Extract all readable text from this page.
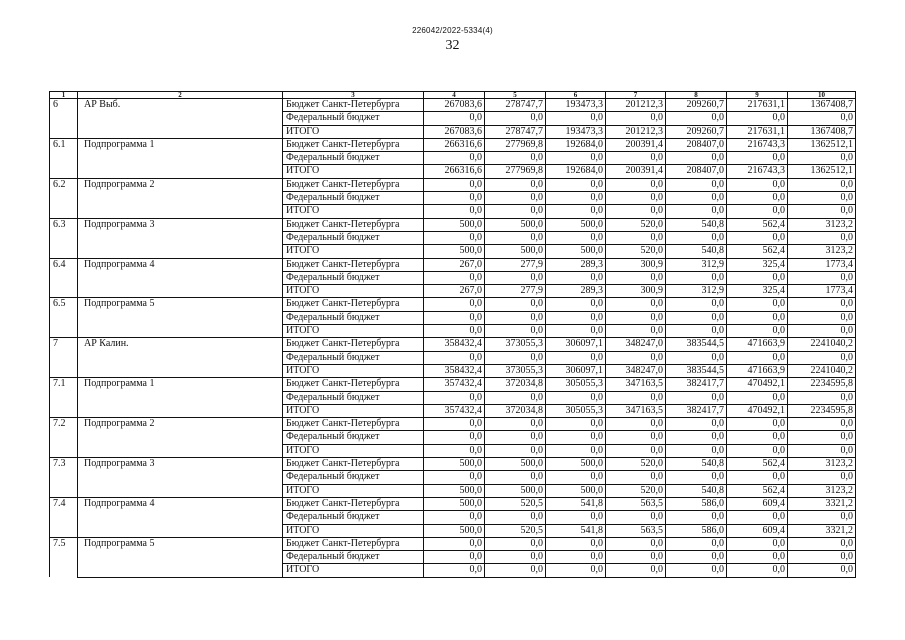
226042/2022-5334(4)
32
1	2	3	4	5	6	7	8	9	10
6	АР Выб.	Бюджет Санкт-Петербурга	267083,6	278747,7	193473,3	201212,3	209260,7	217631,1	1367408,7
		Федеральный бюджет	0,0	0,0	0,0	0,0	0,0	0,0	0,0
		ИТОГО	267083,6	278747,7	193473,3	201212,3	209260,7	217631,1	1367408,7
6.1	Подпрограмма 1	Бюджет Санкт-Петербурга	266316,6	277969,8	192684,0	200391,4	208407,0	216743,3	1362512,1
		Федеральный бюджет	0,0	0,0	0,0	0,0	0,0	0,0	0,0
		ИТОГО	266316,6	277969,8	192684,0	200391,4	208407,0	216743,3	1362512,1
6.2	Подпрограмма 2	Бюджет Санкт-Петербурга	0,0	0,0	0,0	0,0	0,0	0,0	0,0
		Федеральный бюджет	0,0	0,0	0,0	0,0	0,0	0,0	0,0
		ИТОГО	0,0	0,0	0,0	0,0	0,0	0,0	0,0
6.3	Подпрограмма 3	Бюджет Санкт-Петербурга	500,0	500,0	500,0	520,0	540,8	562,4	3123,2
		Федеральный бюджет	0,0	0,0	0,0	0,0	0,0	0,0	0,0
		ИТОГО	500,0	500,0	500,0	520,0	540,8	562,4	3123,2
6.4	Подпрограмма 4	Бюджет Санкт-Петербурга	267,0	277,9	289,3	300,9	312,9	325,4	1773,4
		Федеральный бюджет	0,0	0,0	0,0	0,0	0,0	0,0	0,0
		ИТОГО	267,0	277,9	289,3	300,9	312,9	325,4	1773,4
6.5	Подпрограмма 5	Бюджет Санкт-Петербурга	0,0	0,0	0,0	0,0	0,0	0,0	0,0
		Федеральный бюджет	0,0	0,0	0,0	0,0	0,0	0,0	0,0
		ИТОГО	0,0	0,0	0,0	0,0	0,0	0,0	0,0
7	АР Калин.	Бюджет Санкт-Петербурга	358432,4	373055,3	306097,1	348247,0	383544,5	471663,9	2241040,2
		Федеральный бюджет	0,0	0,0	0,0	0,0	0,0	0,0	0,0
		ИТОГО	358432,4	373055,3	306097,1	348247,0	383544,5	471663,9	2241040,2
7.1	Подпрограмма 1	Бюджет Санкт-Петербурга	357432,4	372034,8	305055,3	347163,5	382417,7	470492,1	2234595,8
		Федеральный бюджет	0,0	0,0	0,0	0,0	0,0	0,0	0,0
		ИТОГО	357432,4	372034,8	305055,3	347163,5	382417,7	470492,1	2234595,8
7.2	Подпрограмма 2	Бюджет Санкт-Петербурга	0,0	0,0	0,0	0,0	0,0	0,0	0,0
		Федеральный бюджет	0,0	0,0	0,0	0,0	0,0	0,0	0,0
		ИТОГО	0,0	0,0	0,0	0,0	0,0	0,0	0,0
7.3	Подпрограмма 3	Бюджет Санкт-Петербурга	500,0	500,0	500,0	520,0	540,8	562,4	3123,2
		Федеральный бюджет	0,0	0,0	0,0	0,0	0,0	0,0	0,0
		ИТОГО	500,0	500,0	500,0	520,0	540,8	562,4	3123,2
7.4	Подпрограмма 4	Бюджет Санкт-Петербурга	500,0	520,5	541,8	563,5	586,0	609,4	3321,2
		Федеральный бюджет	0,0	0,0	0,0	0,0	0,0	0,0	0,0
		ИТОГО	500,0	520,5	541,8	563,5	586,0	609,4	3321,2
7.5	Подпрограмма 5	Бюджет Санкт-Петербурга	0,0	0,0	0,0	0,0	0,0	0,0	0,0
		Федеральный бюджет	0,0	0,0	0,0	0,0	0,0	0,0	0,0
		ИТОГО	0,0	0,0	0,0	0,0	0,0	0,0	0,0
